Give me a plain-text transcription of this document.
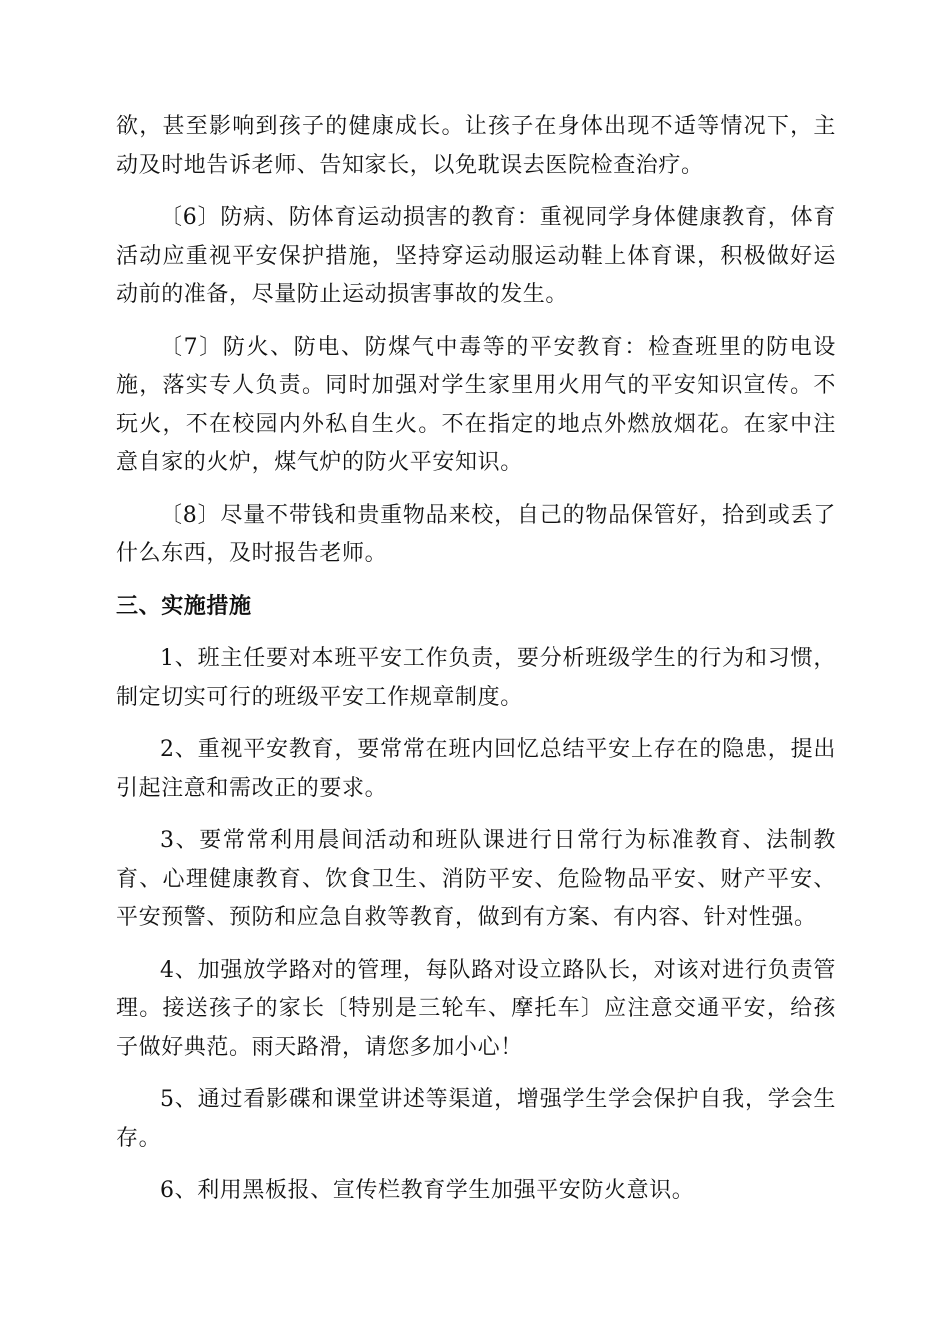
欲，甚至影响到孩子的健康成长。让孩子在身体出现不适等情况下，主动及时地告诉老师、告知家长，以免耽误去医院检查治疗。

〔6〕防病、防体育运动损害的教育：重视同学身体健康教育，体育活动应重视平安保护措施，坚持穿运动服运动鞋上体育课，积极做好运动前的准备，尽量防止运动损害事故的发生。

〔7〕防火、防电、防煤气中毒等的平安教育：检查班里的防电设施，落实专人负责。同时加强对学生家里用火用气的平安知识宣传。不玩火，不在校园内外私自生火。不在指定的地点外燃放烟花。在家中注意自家的火炉，煤气炉的防火平安知识。

〔8〕尽量不带钱和贵重物品来校，自己的物品保管好，拾到或丢了什么东西，及时报告老师。

三、实施措施

1、班主任要对本班平安工作负责，要分析班级学生的行为和习惯，制定切实可行的班级平安工作规章制度。

2、重视平安教育，要常常在班内回忆总结平安上存在的隐患，提出引起注意和需改正的要求。

3、要常常利用晨间活动和班队课进行日常行为标准教育、法制教育、心理健康教育、饮食卫生、消防平安、危险物品平安、财产平安、平安预警、预防和应急自救等教育，做到有方案、有内容、针对性强。

4、加强放学路对的管理，每队路对设立路队长，对该对进行负责管理。接送孩子的家长〔特别是三轮车、摩托车〕应注意交通平安，给孩子做好典范。雨天路滑，请您多加小心！

5、通过看影碟和课堂讲述等渠道，增强学生学会保护自我，学会生存。

6、利用黑板报、宣传栏教育学生加强平安防火意识。
